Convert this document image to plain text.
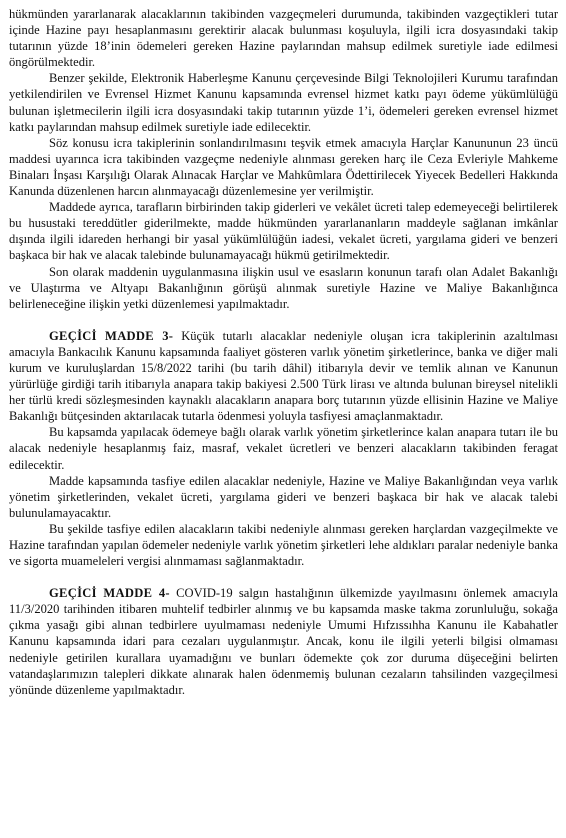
hükmünden yararlanarak alacaklarının takibinden vazgeçmeleri durumunda, takibinden vazgeçtikleri tutar içinde Hazine payı hesaplanmasını gerektirir alacak bulunması koşuluyla, ilgili icra dosyasındaki takip tutarının yüzde 18’inin ödemeleri gereken Hazine paylarından mahsup edilmek suretiyle iade edilmesi öngörülmektedir.

Benzer şekilde, Elektronik Haberleşme Kanunu çerçevesinde Bilgi Teknolojileri Kurumu tarafından yetkilendirilen ve Evrensel Hizmet Kanunu kapsamında evrensel hizmet katkı payı ödeme yükümlülüğü bulunan işletmecilerin ilgili icra dosyasındaki takip tutarının yüzde 1’i, ödemeleri gereken evrensel hizmet katkı paylarından mahsup edilmek suretiyle iade edilecektir.

Söz konusu icra takiplerinin sonlandırılmasını teşvik etmek amacıyla Harçlar Kanununun 23 üncü maddesi uyarınca icra takibinden vazgeçme nedeniyle alınması gereken harç ile Ceza Evleriyle Mahkeme Binaları İnşası Karşılığı Olarak Alınacak Harçlar ve Mahkûmlara Ödettirilecek Yiyecek Bedelleri Hakkında Kanunda düzenlenen harcın alınmayacağı düzenlemesine yer verilmiştir.

Maddede ayrıca, tarafların birbirinden takip giderleri ve vekâlet ücreti talep edemeyeceği belirtilerek bu husustaki tereddütler giderilmekte, madde hükmünden yararlananların maddeyle sağlanan imkânlar dışında ilgili idareden herhangi bir yasal yükümlülüğün iadesi, vekalet ücreti, yargılama gideri ve benzeri başkaca bir hak ve alacak talebinde bulunamayacağı hükmü getirilmektedir.

Son olarak maddenin uygulanmasına ilişkin usul ve esasların konunun tarafı olan Adalet Bakanlığı ve Ulaştırma ve Altyapı Bakanlığının görüşü alınmak suretiyle Hazine ve Maliye Bakanlığınca belirleneceğine ilişkin yetki düzenlemesi yapılmaktadır.

GEÇİCİ MADDE 3- Küçük tutarlı alacaklar nedeniyle oluşan icra takiplerinin azaltılması amacıyla Bankacılık Kanunu kapsamında faaliyet gösteren varlık yönetim şirketlerince, banka ve diğer mali kurum ve kuruluşlardan 15/8/2022 tarihi (bu tarih dâhil) itibarıyla devir ve temlik alınan ve Kanunun yürürlüğe girdiği tarih itibarıyla anapara takip bakiyesi 2.500 Türk lirası ve altında bulunan bireysel nitelikli her türlü kredi sözleşmesinden kaynaklı alacakların anapara borç tutarının yüzde ellisinin Hazine ve Maliye Bakanlığı bütçesinden aktarılacak tutarla ödenmesi yoluyla tasfiyesi amaçlanmaktadır.

Bu kapsamda yapılacak ödemeye bağlı olarak varlık yönetim şirketlerince kalan anapara tutarı ile bu alacak nedeniyle hesaplanmış faiz, masraf, vekalet ücretleri ve benzeri alacakların takibinden feragat edilecektir.

Madde kapsamında tasfiye edilen alacaklar nedeniyle, Hazine ve Maliye Bakanlığından veya varlık yönetim şirketlerinden, vekalet ücreti, yargılama gideri ve benzeri başkaca bir hak ve alacak talebi bulunulamayacaktır.

Bu şekilde tasfiye edilen alacakların takibi nedeniyle alınması gereken harçlardan vazgeçilmekte ve Hazine tarafından yapılan ödemeler nedeniyle varlık yönetim şirketleri lehe aldıkları paralar nedeniyle banka ve sigorta muameleleri vergisi alınmaması sağlanmaktadır.

GEÇİCİ MADDE 4- COVID-19 salgın hastalığının ülkemizde yayılmasını önlemek amacıyla 11/3/2020 tarihinden itibaren muhtelif tedbirler alınmış ve bu kapsamda maske takma zorunluluğu, sokağa çıkma yasağı gibi alınan tedbirlere uyulmaması nedeniyle Umumi Hıfzıssıhha Kanunu ile Kabahatler Kanunu kapsamında idari para cezaları uygulanmıştır. Ancak, konu ile ilgili yeterli bilgisi olmaması nedeniyle getirilen kurallara uyamadığını ve bunları ödemekte çok zor duruma düşeceğini belirten vatandaşlarımızın talepleri dikkate alınarak halen ödenmemiş bulunan cezaların tahsilinden vazgeçilmesi yönünde düzenleme yapılmaktadır.
